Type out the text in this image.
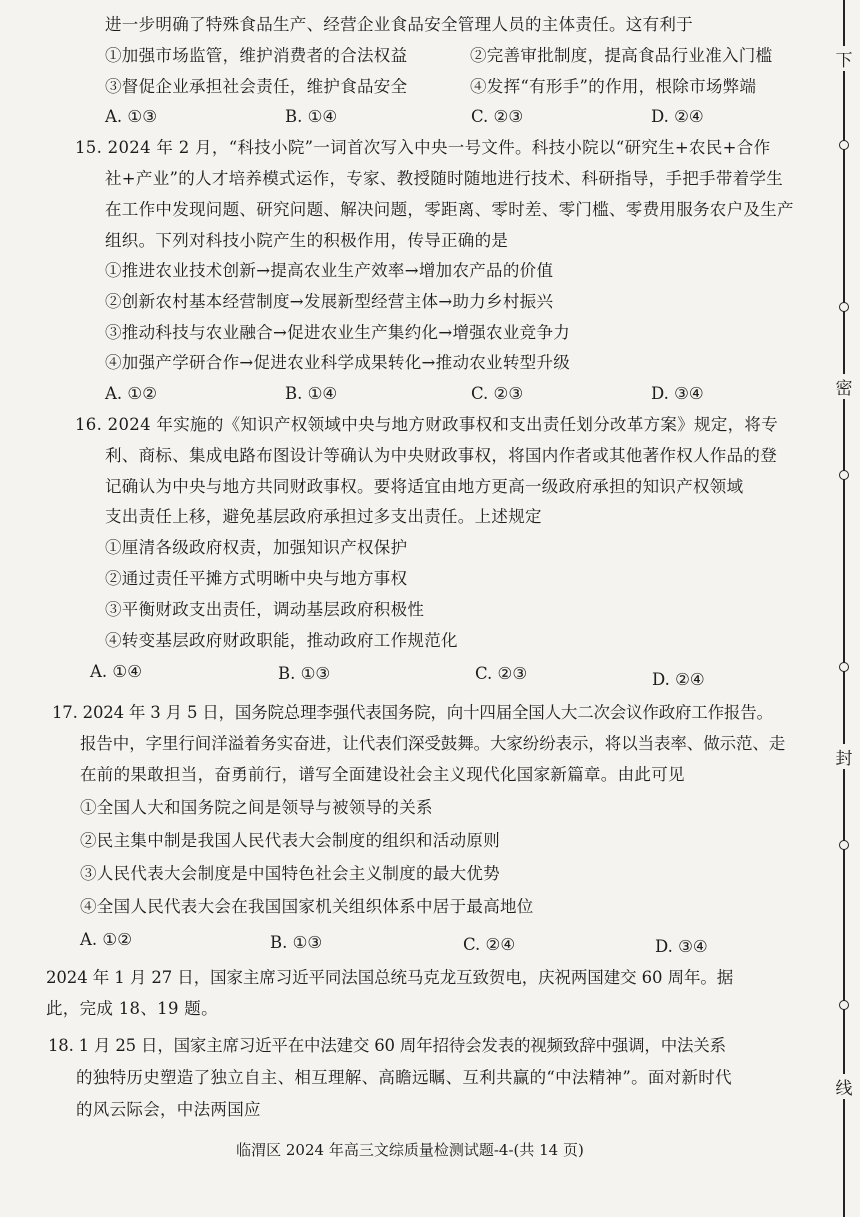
进一步明确了特殊食品生产、经营企业食品安全管理人员的主体责任。这有利于
①加强市场监管，维护消费者的合法权益	②完善审批制度，提高食品行业准入门槛
③督促企业承担社会责任，维护食品安全	④发挥“有形手”的作用，根除市场弊端
A. ①③	B. ①④	C. ②③	D. ②④
15. 2024 年 2 月，“科技小院”一词首次写入中央一号文件。科技小院以“研究生+农民+合作
社+产业”的人才培养模式运作，专家、教授随时随地进行技术、科研指导，手把手带着学生
在工作中发现问题、研究问题、解决问题，零距离、零时差、零门槛、零费用服务农户及生产
组织。下列对科技小院产生的积极作用，传导正确的是
①推进农业技术创新→提高农业生产效率→增加农产品的价值
②创新农村基本经营制度→发展新型经营主体→助力乡村振兴
③推动科技与农业融合→促进农业生产集约化→增强农业竞争力
④加强产学研合作→促进农业科学成果转化→推动农业转型升级
A. ①②	B. ①④	C. ②③	D. ③④
16. 2024 年实施的《知识产权领域中央与地方财政事权和支出责任划分改革方案》规定，将专
利、商标、集成电路布图设计等确认为中央财政事权，将国内作者或其他著作权人作品的登
记确认为中央与地方共同财政事权。要将适宜由地方更高一级政府承担的知识产权领域
支出责任上移，避免基层政府承担过多支出责任。上述规定
①厘清各级政府权责，加强知识产权保护
②通过责任平摊方式明晰中央与地方事权
③平衡财政支出责任，调动基层政府积极性
④转变基层政府财政职能，推动政府工作规范化
A. ①④	B. ①③	C. ②③	D. ②④
17. 2024 年 3 月 5 日，国务院总理李强代表国务院，向十四届全国人大二次会议作政府工作报告。
报告中，字里行间洋溢着务实奋进，让代表们深受鼓舞。大家纷纷表示，将以当表率、做示范、走
在前的果敢担当，奋勇前行，谱写全面建设社会主义现代化国家新篇章。由此可见
①全国人大和国务院之间是领导与被领导的关系
②民主集中制是我国人民代表大会制度的组织和活动原则
③人民代表大会制度是中国特色社会主义制度的最大优势
④全国人民代表大会在我国国家机关组织体系中居于最高地位
A. ①②	B. ①③	C. ②④	D. ③④
2024 年 1 月 27 日，国家主席习近平同法国总统马克龙互致贺电，庆祝两国建交 60 周年。据
此，完成 18、19 题。
18. 1 月 25 日，国家主席习近平在中法建交 60 周年招待会发表的视频致辞中强调，中法关系
的独特历史塑造了独立自主、相互理解、高瞻远瞩、互利共赢的“中法精神”。面对新时代
的风云际会，中法两国应
临渭区 2024 年高三文综质量检测试题-4-(共 14 页)
下
密
封
线
